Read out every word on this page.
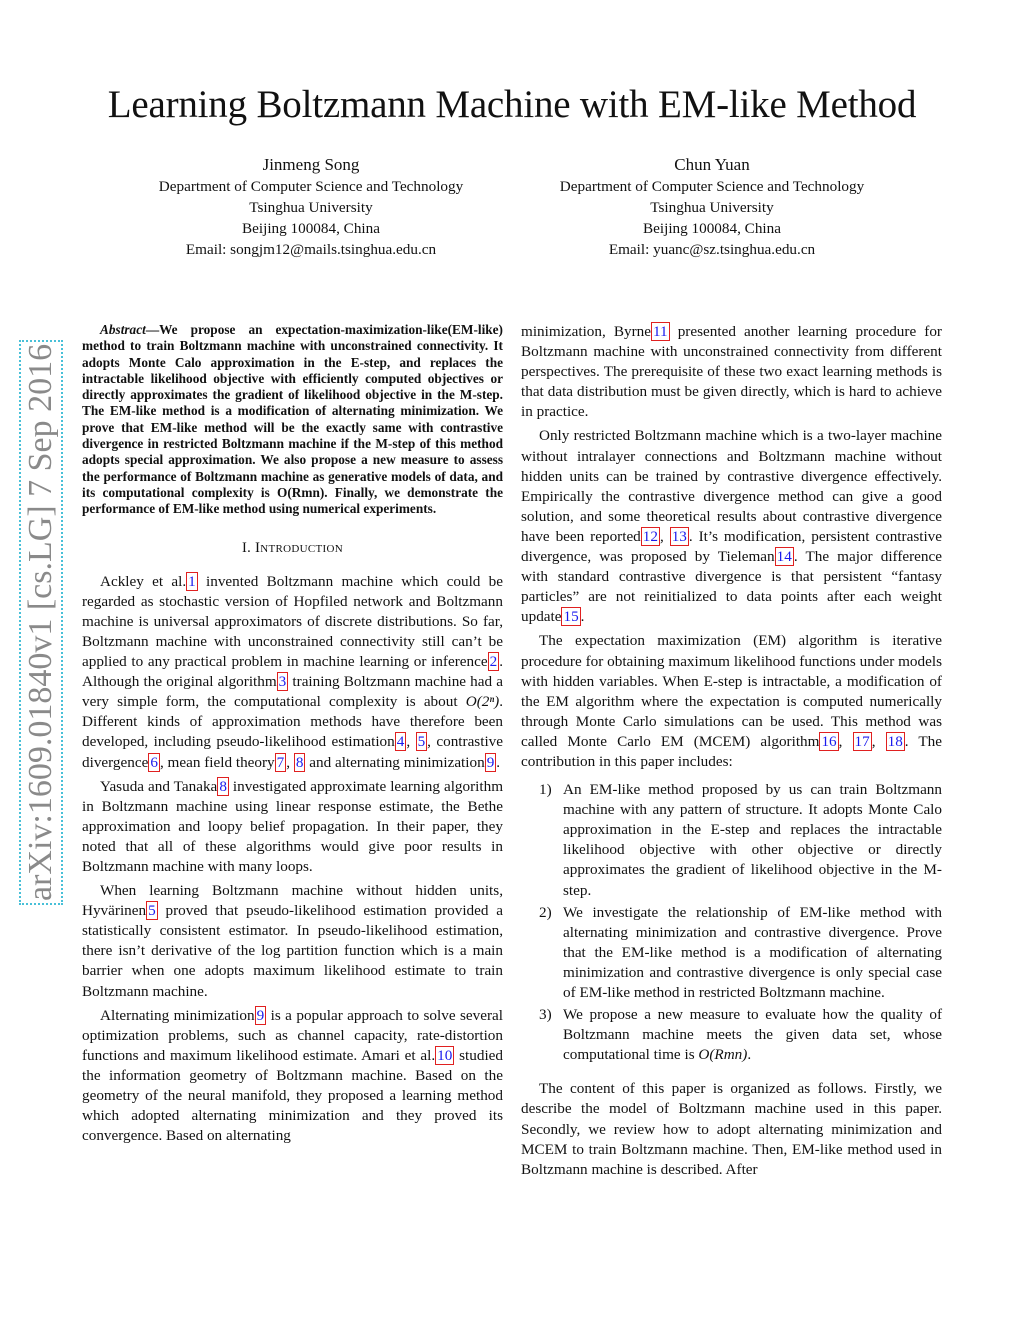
Learning Boltzmann Machine with EM-like Method
Jinmeng Song
Department of Computer Science and Technology
Tsinghua University
Beijing 100084, China
Email: songjm12@mails.tsinghua.edu.cn
Chun Yuan
Department of Computer Science and Technology
Tsinghua University
Beijing 100084, China
Email: yuanc@sz.tsinghua.edu.cn
arXiv:1609.01840v1 [cs.LG] 7 Sep 2016

Abstract—We propose an expectation-maximization-like(EM-like) method to train Boltzmann machine with unconstrained connectivity. It adopts Monte Calo approximation in the E-step, and replaces the intractable likelihood objective with efficiently computed objectives or directly approximates the gradient of likelihood objective in the M-step. The EM-like method is a modification of alternating minimization. We prove that EM-like method will be the exactly same with contrastive divergence in restricted Boltzmann machine if the M-step of this method adopts special approximation. We also propose a new measure to assess the performance of Boltzmann machine as generative models of data, and its computational complexity is O(Rmn). Finally, we demonstrate the performance of EM-like method using numerical experiments.

I. Introduction

Ackley et al. 1 invented Boltzmann machine which could be regarded as stochastic version of Hopfiled network and Boltzmann machine is universal approximators of discrete distributions. So far, Boltzmann machine with unconstrained connectivity still can’t be applied to any practical problem in machine learning or inference 2 . Although the original algorithm 3 training Boltzmann machine had a very simple form, the computational complexity is about O(2ⁿ). Different kinds of approximation methods have therefore been developed, including pseudo-likelihood estimation 4 , 5 , contrastive divergence 6 , mean field theory 7 , 8 and alternating minimization 9 .

Yasuda and Tanaka 8 investigated approximate learning algorithm in Boltzmann machine using linear response estimate, the Bethe approximation and loopy belief propagation. In their paper, they noted that all of these algorithms would give poor results in Boltzmann machine with many loops.

When learning Boltzmann machine without hidden units, Hyvärinen 5 proved that pseudo-likelihood estimation provided a statistically consistent estimator. In pseudo-likelihood estimation, there isn’t derivative of the log partition function which is a main barrier when one adopts maximum likelihood estimate to train Boltzmann machine.

Alternating minimization 9 is a popular approach to solve several optimization problems, such as channel capacity, rate-distortion functions and maximum likelihood estimate. Amari et al. 10 studied the information geometry of Boltzmann machine. Based on the geometry of the neural manifold, they proposed a learning method which adopted alternating minimization and they proved its convergence. Based on alternating

minimization, Byrne 11 presented another learning procedure for Boltzmann machine with unconstrained connectivity from different perspectives. The prerequisite of these two exact learning methods is that data distribution must be given directly, which is hard to achieve in practice.

Only restricted Boltzmann machine which is a two-layer machine without intralayer connections and Boltzmann machine without hidden units can be trained by contrastive divergence effectively. Empirically the contrastive divergence method can give a good solution, and some theoretical results about contrastive divergence have been reported 12 , 13 . It’s modification, persistent contrastive divergence, was proposed by Tieleman 14 . The major difference with standard contrastive divergence is that persistent “fantasy particles” are not reinitialized to data points after each weight update 15 .

The expectation maximization (EM) algorithm is iterative procedure for obtaining maximum likelihood functions under models with hidden variables. When E-step is intractable, a modification of the EM algorithm where the expectation is computed numerically through Monte Carlo simulations can be used. This method was called Monte Carlo EM (MCEM) algorithm 16 , 17 , 18 . The contribution in this paper includes:

1) An EM-like method proposed by us can train Boltzmann machine with any pattern of structure. It adopts Monte Calo approximation in the E-step and replaces the intractable likelihood objective with other objective or directly approximates the gradient of likelihood objective in the M-step.
2) We investigate the relationship of EM-like method with alternating minimization and contrastive divergence. Prove that the EM-like method is a modification of alternating minimization and contrastive divergence is only special case of EM-like method in restricted Boltzmann machine.
3) We propose a new measure to evaluate how the quality of Boltzmann machine meets the given data set, whose computational time is O(Rmn).

The content of this paper is organized as follows. Firstly, we describe the model of Boltzmann machine used in this paper. Secondly, we review how to adopt alternating minimization and MCEM to train Boltzmann machine. Then, EM-like method used in Boltzmann machine is described. After
